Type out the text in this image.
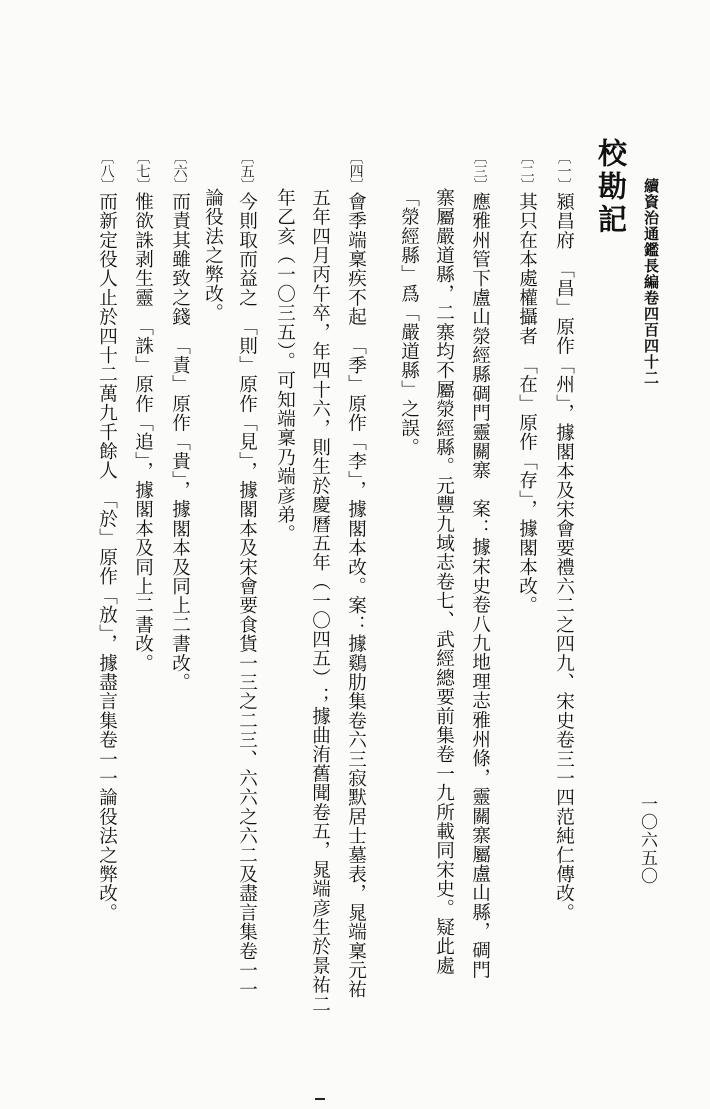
續資治通鑑長編卷四百四十二
一〇六五〇
校勘記
〔一〕潁昌府　「昌」原作「州」，據閣本及宋會要禮六二之四九、宋史卷三一四范純仁傳改。
〔二〕其只在本處權攝者　「在」原作「存」，據閣本改。
〔三〕應雅州管下盧山滎經縣碉門靈關寨　案：據宋史卷八九地理志雅州條，靈關寨屬盧山縣，碉門
寨屬嚴道縣，二寨均不屬滎經縣。元豐九域志卷七、武經總要前集卷一九所載同宋史。疑此處
「滎經縣」爲「嚴道縣」之誤。
〔四〕會季端稟疾不起　「季」原作「李」，據閣本改。案：據鷄肋集卷六三寂默居士墓表，晁端稟元祐
五年四月丙午卒，年四十六，則生於慶曆五年（一〇四五）；據曲洧舊聞卷五，晁端彦生於景祐二
年乙亥（一〇三五）。可知端稟乃端彦弟。
〔五〕今則取而益之　「則」原作「見」，據閣本及宋會要食貨一三之二三、六六之六二及盡言集卷一一
論役法之弊改。
〔六〕而責其雖致之錢　「責」原作「貴」，據閣本及同上二書改。
〔七〕惟欲誅剥生靈　「誅」原作「追」，據閣本及同上二書改。
〔八〕而新定役人止於四十二萬九千餘人　「於」原作「放」，據盡言集卷一一論役法之弊改。
